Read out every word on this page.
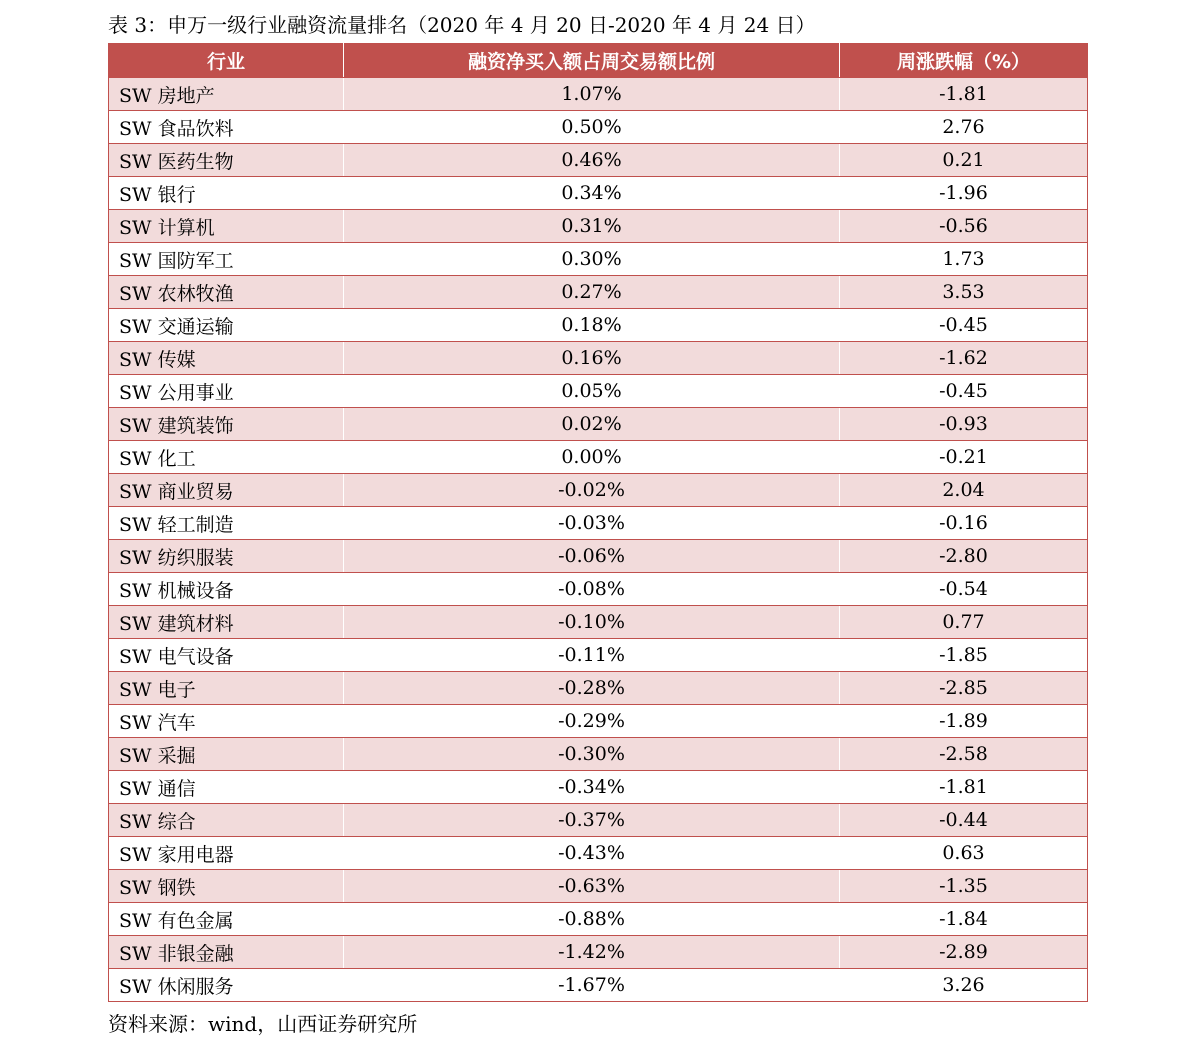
表 3：申万一级行业融资流量排名（2020 年 4 月 20 日-2020 年 4 月 24 日）
行业	融资净买入额占周交易额比例	周涨跌幅（%）
SW 房地产	1.07%	-1.81
SW 食品饮料	0.50%	2.76
SW 医药生物	0.46%	0.21
SW 银行	0.34%	-1.96
SW 计算机	0.31%	-0.56
SW 国防军工	0.30%	1.73
SW 农林牧渔	0.27%	3.53
SW 交通运输	0.18%	-0.45
SW 传媒	0.16%	-1.62
SW 公用事业	0.05%	-0.45
SW 建筑装饰	0.02%	-0.93
SW 化工	0.00%	-0.21
SW 商业贸易	-0.02%	2.04
SW 轻工制造	-0.03%	-0.16
SW 纺织服装	-0.06%	-2.80
SW 机械设备	-0.08%	-0.54
SW 建筑材料	-0.10%	0.77
SW 电气设备	-0.11%	-1.85
SW 电子	-0.28%	-2.85
SW 汽车	-0.29%	-1.89
SW 采掘	-0.30%	-2.58
SW 通信	-0.34%	-1.81
SW 综合	-0.37%	-0.44
SW 家用电器	-0.43%	0.63
SW 钢铁	-0.63%	-1.35
SW 有色金属	-0.88%	-1.84
SW 非银金融	-1.42%	-2.89
SW 休闲服务	-1.67%	3.26
资料来源：wind，山西证券研究所
